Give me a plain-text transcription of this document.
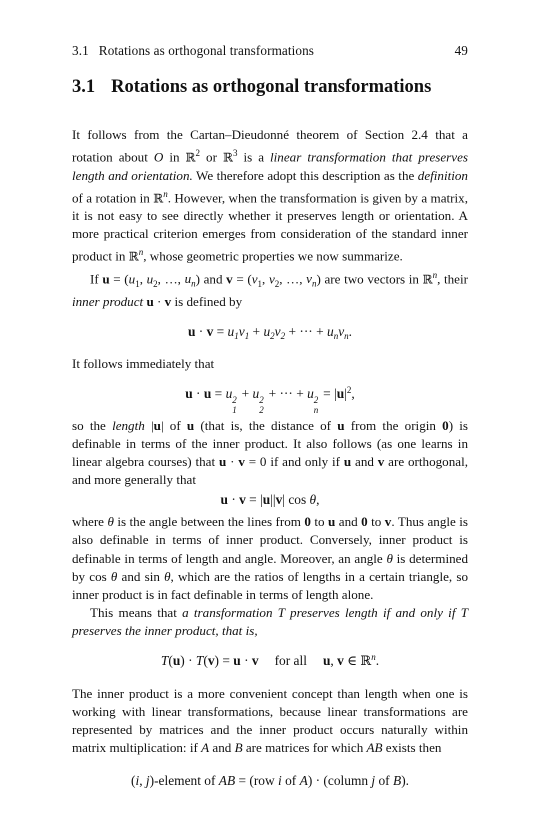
3.1 Rotations as orthogonal transformations	49
3.1 Rotations as orthogonal transformations

It follows from the Cartan–Dieudonné theorem of Section 2.4 that a rotation about O in ℝ$^2$ or ℝ$^3$ is a linear transformation that preserves length and orientation. We therefore adopt this description as the definition of a rotation in ℝ$^n$. However, when the transformation is given by a matrix, it is not easy to see directly whether it preserves length or orientation. A more practical criterion emerges from consideration of the standard inner product in ℝ$^n$, whose geometric properties we now summarize.

If $u = (u_1$, $u_2$, …, $u_n$) and $v = (v_1$, $v_2$, …, $v_n$) are two vectors in ℝ$^n$, their inner product u · v is defined by

$u \cdot v = u_1v_1 + u_2v_2$ + ··· + $u_nv_n$.

It follows immediately that

u · u = u 2
1
+ u 2
2
+ ··· + u 2
n
= $|u|^2$,

so the length |u| of u (that is, the distance of u from the origin 0) is definable in terms of the inner product. It also follows (as one learns in linear algebra courses) that u · v = 0 if and only if u and v are orthogonal, and more generally that

u · v = |u||v| cos θ,

where θ is the angle between the lines from 0 to u and 0 to v. Thus angle is also definable in terms of inner product. Conversely, inner product is definable in terms of length and angle. Moreover, an angle θ is determined by cos θ and sin θ, which are the ratios of lengths in a certain triangle, so inner product is in fact definable in terms of length alone.

This means that a transformation T preserves length if and only if T preserves the inner product, that is,

T(u) · T(v) = u · v for all u, v ∈ ℝ$^n$.

The inner product is a more convenient concept than length when one is working with linear transformations, because linear transformations are represented by matrices and the inner product occurs naturally within matrix multiplication: if A and B are matrices for which AB exists then

(i, j)-element of AB = (row i of A) · (column j of B).
